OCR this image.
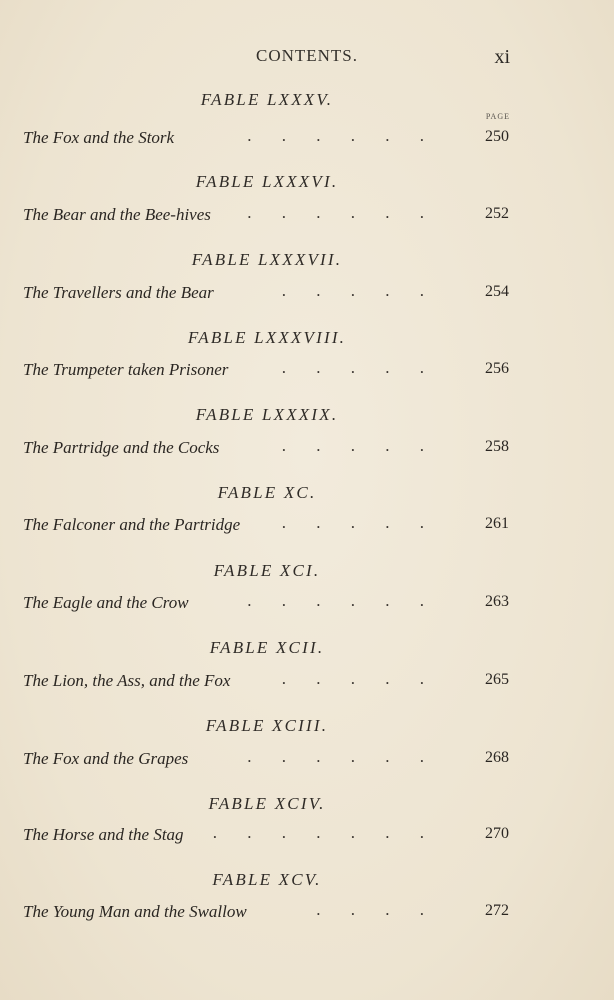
CONTENTS.	xi
PAGE
FABLE LXXXV.
The Fox and the Stork	. . . . . .	250
FABLE LXXXVI.
The Bear and the Bee-hives . . . . . .	252
FABLE LXXXVII.
The Travellers and the Bear	. . . . .	254
FABLE LXXXVIII.
The Trumpeter taken Prisoner	. . . . .	256
FABLE LXXXIX.
The Partridge and the Cocks	. . . . .	258
FABLE XC.
The Falconer and the Partridge . . . . .	261
FABLE XCI.
The Eagle and the Crow	. . . . . .	263
FABLE XCII.
The Lion, the Ass, and the Fox	. . . . .	265
FABLE XCIII.
The Fox and the Grapes	. . . . . .	268
FABLE XCIV.
The Horse and the Stag . . . . . . .	270
FABLE XCV.
The Young Man and the Swallow	. . . .	272
